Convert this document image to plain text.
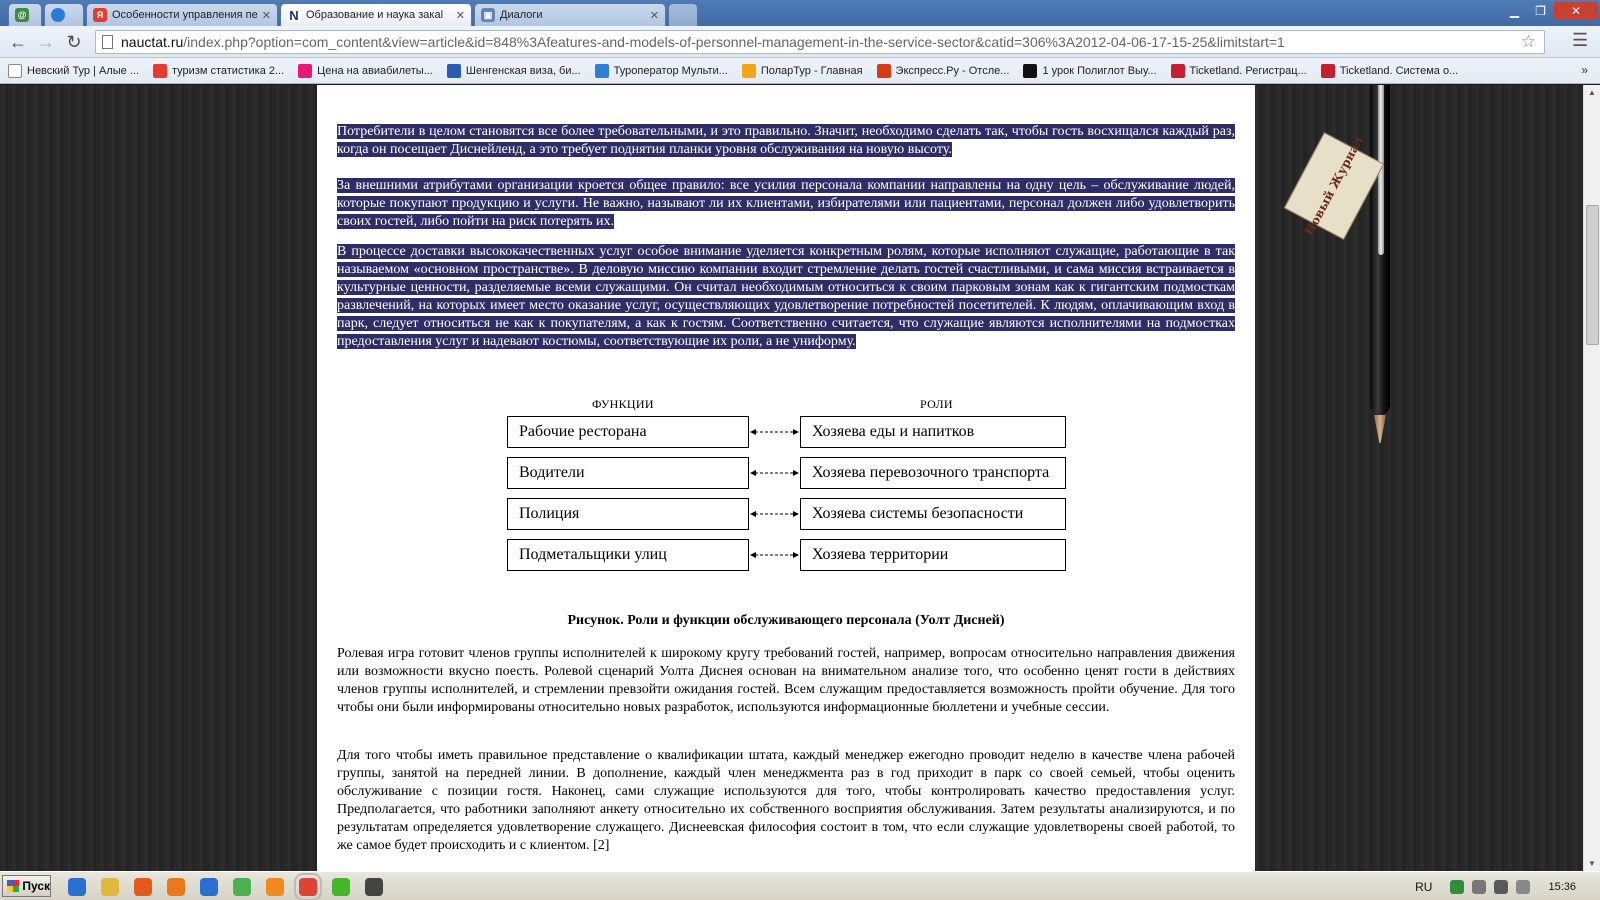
@	Я Особенности управления пе ✕ N Образование и наука закаl	✕	▣ Диалоги	✕	▁	❐	✕
← → ↻	nauctat.ru /index.php?option=com_content&view=article&id=848%3Afeatures-and-models-of-personnel-management-in-the-service-sector&catid=306%3A2012-04-06-17-15-25&limitstart=1	☆ ☰
Невский Тур | Алые ...	туризм статистика 2...	Цена на авиабилеты...	Шенгенская виза, би...	Туроператор Мульти...	ПоларТур - Главная	Экспресс.Ру - Отсле...	1 урок Полиглот Выу...	Ticketland. Регистрац...	Ticketland. Система о...	»

Потребители в целом становятся все более требовательными, и это правильно. Значит, необходимо сделать так, чтобы гость восхищался каждый раз, когда он посещает Диснейленд, а это требует поднятия планки уровня обслуживания на новую высоту.

За внешними атрибутами организации кроется общее правило: все усилия персонала компании направлены на одну цель – обслуживание людей, которые покупают продукцию и услуги. Не важно, называют ли их клиентами, избирателями или пациентами, персонал должен либо удовлетворить своих гостей, либо пойти на риск потерять их.

В процессе доставки высококачественных услуг особое внимание уделяется конкретным ролям, которые исполняют служащие, работающие в так называемом «основном пространстве». В деловую миссию компании входит стремление делать гостей счастливыми, и сама миссия встраивается в культурные ценности, разделяемые всеми служащими. Он считал необходимым относиться к своим парковым зонам как к гигантским подмосткам развлечений, на которых имеет место оказание услуг, осуществляющих удовлетворение потребностей посетителей. К людям, оплачивающим вход в парк, следует относиться не как к покупателям, а как к гостям. Соответственно считается, что служащие являются исполнителями на подмостках предоставления услуг и надевают костюмы, соответствующие их роли, а не униформу.

ФУНКЦИИ	РОЛИ
Рабочие ресторана	Хозяева еды и напитков
Водители	Хозяева перевозочного транспорта
Полиция	Хозяева системы безопасности
Подметальщики улиц	Хозяева территории
Рисунок. Роли и функции обслуживающего персонала (Уолт Дисней)

Ролевая игра готовит членов группы исполнителей к широкому кругу требований гостей, например, вопросам относительно направления движения или возможности вкусно поесть. Ролевой сценарий Уолта Диснея основан на внимательном анализе того, что особенно ценят гости в действиях членов группы исполнителей, и стремлении превзойти ожидания гостей. Всем служащим предоставляется возможность пройти обучение. Для того чтобы они были информированы относительно новых разработок, используются информационные бюллетени и учебные сессии.

Для того чтобы иметь правильное представление о квалификации штата, каждый менеджер ежегодно проводит неделю в качестве члена рабочей группы, занятой на передней линии. В дополнение, каждый член менеджмента раз в год приходит в парк со своей семьей, чтобы оценить обслуживание с позиции гостя. Наконец, сами служащие используются для того, чтобы контролировать качество предоставления услуг. Предполагается, что работники заполняют анкету относительно их собственного восприятия обслуживания. Затем результаты анализируются, и по результатам определяется удовлетворение служащего. Диснеевская философия состоит в том, что если служащие удовлетворены своей работой, то же самое будет происходить и с клиентом. [2]

Новый Журнал
▲
▼
Пуск	RU	15:36
